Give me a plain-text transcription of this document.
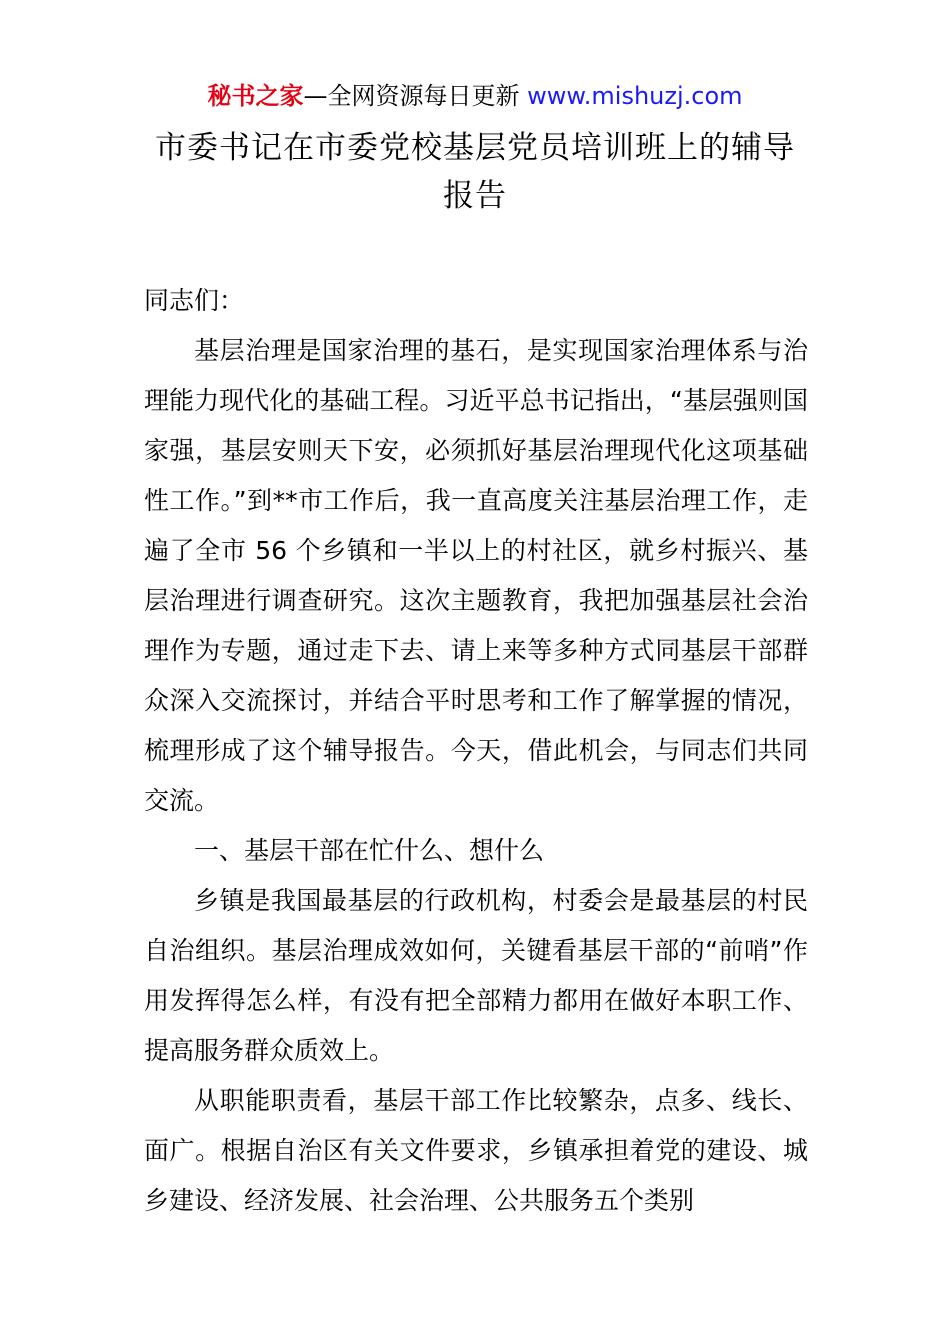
秘书之家—全网资源每日更新 www.mishuzj.com
市委书记在市委党校基层党员培训班上的辅导报告

同志们：

基层治理是国家治理的基石，是实现国家治理体系与治理能力现代化的基础工程。习近平总书记指出，“基层强则国家强，基层安则天下安，必须抓好基层治理现代化这项基础性工作。”到**市工作后，我一直高度关注基层治理工作，走遍了全市 56 个乡镇和一半以上的村社区，就乡村振兴、基层治理进行调查研究。这次主题教育，我把加强基层社会治理作为专题，通过走下去、请上来等多种方式同基层干部群众深入交流探讨，并结合平时思考和工作了解掌握的情况，梳理形成了这个辅导报告。今天，借此机会，与同志们共同交流。

一、基层干部在忙什么、想什么

乡镇是我国最基层的行政机构，村委会是最基层的村民自治组织。基层治理成效如何，关键看基层干部的“前哨”作用发挥得怎么样，有没有把全部精力都用在做好本职工作、提高服务群众质效上。

从职能职责看，基层干部工作比较繁杂，点多、线长、面广。根据自治区有关文件要求，乡镇承担着党的建设、城乡建设、经济发展、社会治理、公共服务五个类别
